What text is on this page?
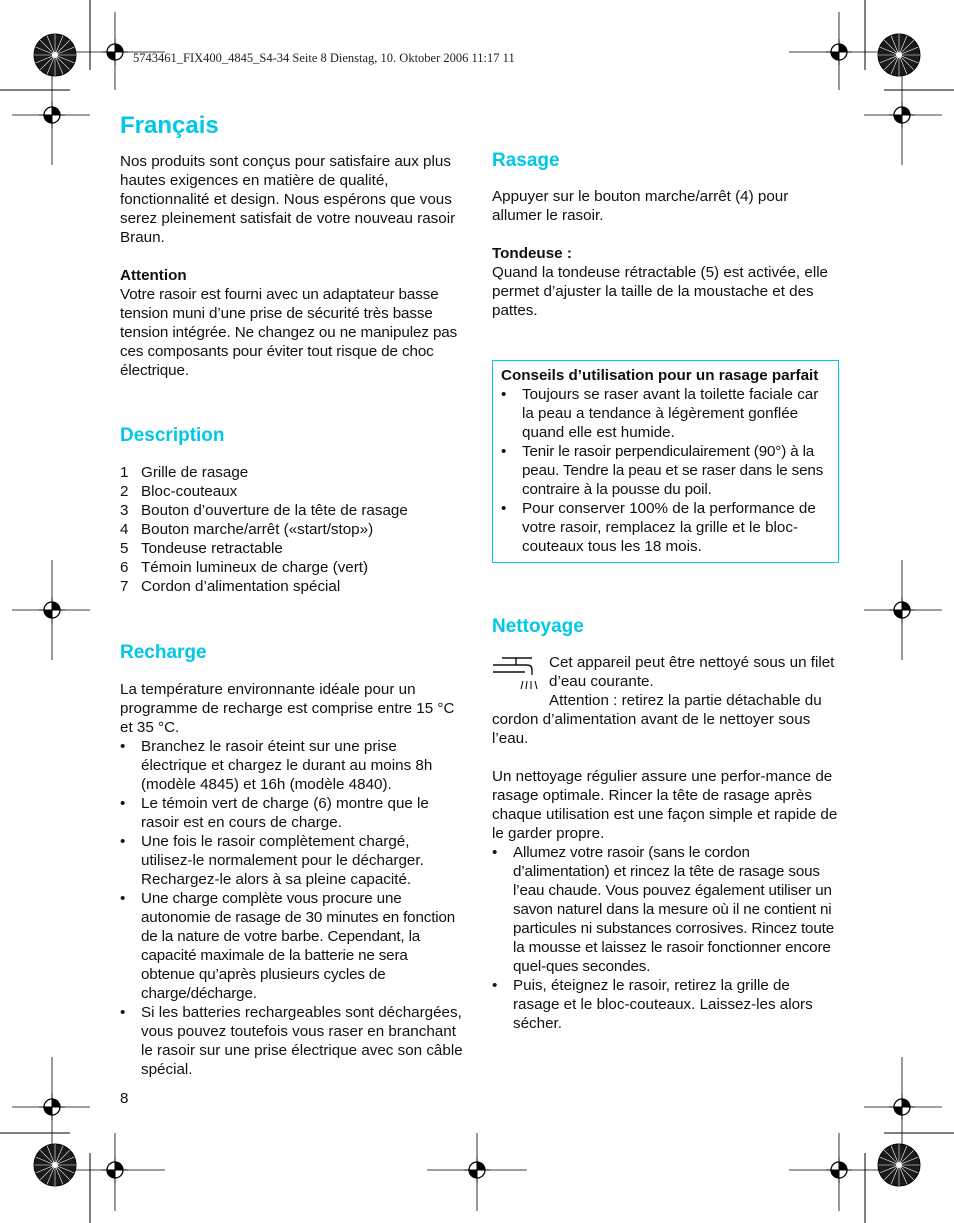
5743461_FIX400_4845_S4-34 Seite 8 Dienstag, 10. Oktober 2006 11:17 11
Français

Nos produits sont conçus pour satisfaire aux plus hautes exigences en matière de qualité, fonctionnalité et design. Nous espérons que vous serez pleinement satisfait de votre nouveau rasoir Braun.

Attention

Votre rasoir est fourni avec un adaptateur basse tension muni d’une prise de sécurité très basse tension intégrée. Ne changez ou ne manipulez pas ces composants pour éviter tout risque de choc électrique.

Description
1 Grille de rasage
2 Bloc-couteaux
3 Bouton d’ouverture de la tête de rasage
4 Bouton marche/arrêt («start/stop»)
5 Tondeuse retractable
6 Témoin lumineux de charge (vert)
7 Cordon d’alimentation spécial
Recharge

La température environnante idéale pour un programme de recharge est comprise entre 15 °C et 35 °C.

• Branchez le rasoir éteint sur une prise électrique et chargez le durant au moins 8h (modèle 4845) et 16h (modèle 4840).
• Le témoin vert de charge (6) montre que le rasoir est en cours de charge.
• Une fois le rasoir complètement chargé, utilisez-le normalement pour le décharger. Rechargez-le alors à sa pleine capacité.
• Une charge complète vous procure une autonomie de rasage de 30 minutes en fonction de la nature de votre barbe. Cependant, la capacité maximale de la batterie ne sera obtenue qu’après plusieurs cycles de charge/décharge.
• Si les batteries rechargeables sont déchargées, vous pouvez toutefois vous raser en branchant le rasoir sur une prise électrique avec son câble spécial.
8
Rasage

Appuyer sur le bouton marche/arrêt (4) pour allumer le rasoir.

Tondeuse :

Quand la tondeuse rétractable (5) est activée, elle permet d’ajuster la taille de la moustache et des pattes.

Conseils d’utilisation pour un rasage parfait

• Toujours se raser avant la toilette faciale car la peau a tendance à légèrement gonflée quand elle est humide.
• Tenir le rasoir perpendiculairement (90°) à la peau. Tendre la peau et se raser dans le sens contraire à la pousse du poil.
• Pour conserver 100% de la performance de votre rasoir, remplacez la grille et le bloc-couteaux tous les 18 mois.
Nettoyage

Cet appareil peut être nettoyé sous un filet d’eau courante.

Attention : retirez la partie détachable du cordon d’alimentation avant de le nettoyer sous l’eau.

Un nettoyage régulier assure une perfor-mance de rasage optimale. Rincer la tête de rasage après chaque utilisation est une façon simple et rapide de le garder propre.

• Allumez votre rasoir (sans le cordon d’alimentation) et rincez la tête de rasage sous l’eau chaude. Vous pouvez également utiliser un savon naturel dans la mesure où il ne contient ni particules ni substances corrosives. Rincez toute la mousse et laissez le rasoir fonctionner encore quel-ques secondes.
• Puis, éteignez le rasoir, retirez la grille de rasage et le bloc-couteaux. Laissez-les alors sécher.
